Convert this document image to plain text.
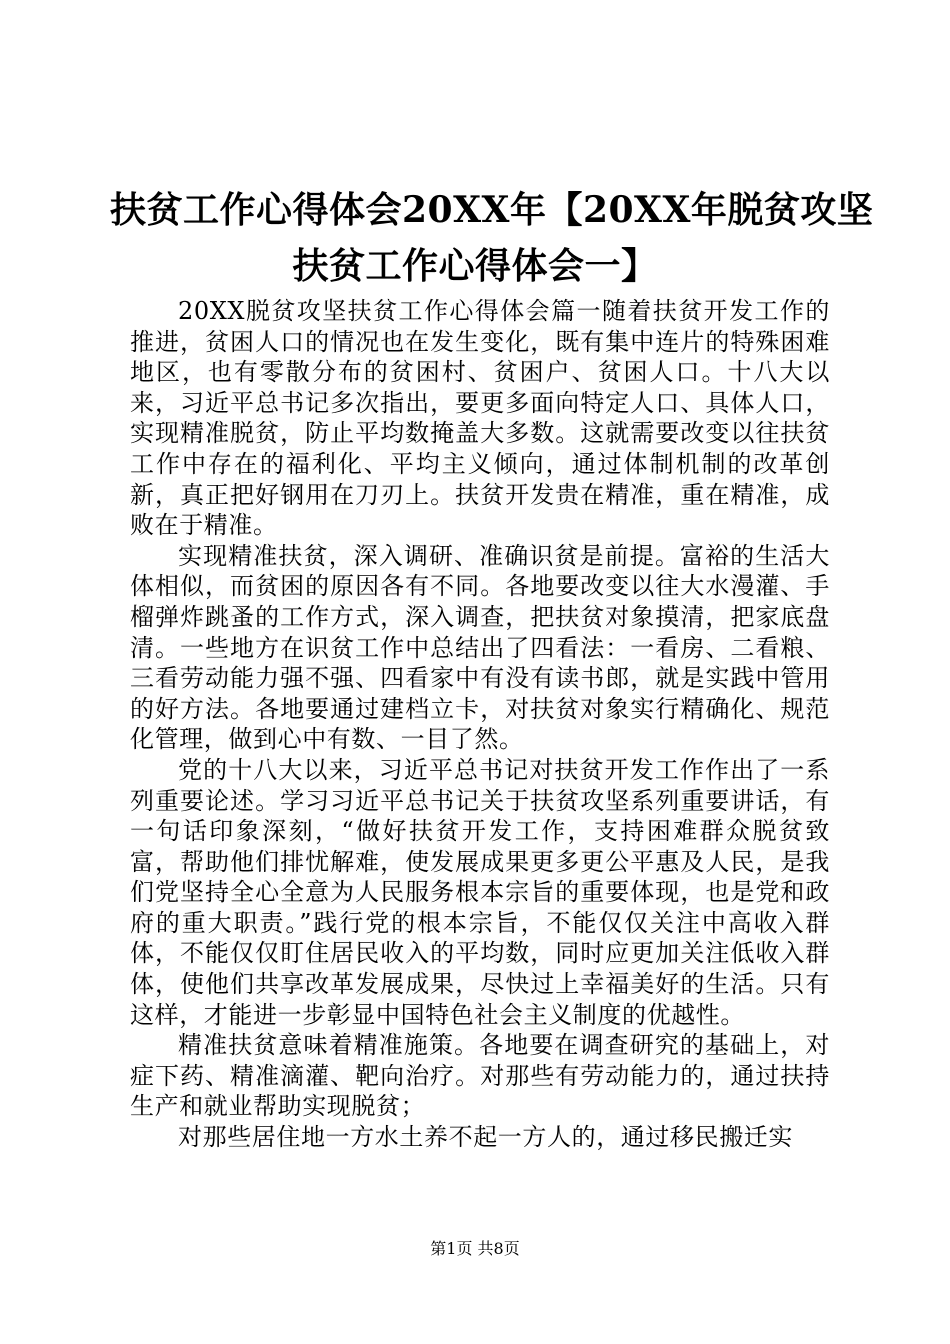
扶贫工作心得体会20XX年【20XX年脱贫攻坚
扶贫工作心得体会一】

20XX脱贫攻坚扶贫工作心得体会篇一随着扶贫开发工作的推进，贫困人口的情况也在发生变化，既有集中连片的特殊困难地区，也有零散分布的贫困村、贫困户、贫困人口。十八大以来，习近平总书记多次指出，要更多面向特定人口、具体人口，实现精准脱贫，防止平均数掩盖大多数。这就需要改变以往扶贫工作中存在的福利化、平均主义倾向，通过体制机制的改革创新，真正把好钢用在刀刃上。扶贫开发贵在精准，重在精准，成败在于精准。

实现精准扶贫，深入调研、准确识贫是前提。富裕的生活大体相似，而贫困的原因各有不同。各地要改变以往大水漫灌、手榴弹炸跳蚤的工作方式，深入调查，把扶贫对象摸清，把家底盘清。一些地方在识贫工作中总结出了四看法：一看房、二看粮、三看劳动能力强不强、四看家中有没有读书郎，就是实践中管用的好方法。各地要通过建档立卡，对扶贫对象实行精确化、规范化管理，做到心中有数、一目了然。

党的十八大以来，习近平总书记对扶贫开发工作作出了一系列重要论述。学习习近平总书记关于扶贫攻坚系列重要讲话，有一句话印象深刻，“做好扶贫开发工作，支持困难群众脱贫致富，帮助他们排忧解难，使发展成果更多更公平惠及人民，是我们党坚持全心全意为人民服务根本宗旨的重要体现，也是党和政府的重大职责。”践行党的根本宗旨，不能仅仅关注中高收入群体，不能仅仅盯住居民收入的平均数，同时应更加关注低收入群体，使他们共享改革发展成果，尽快过上幸福美好的生活。只有这样，才能进一步彰显中国特色社会主义制度的优越性。

精准扶贫意味着精准施策。各地要在调查研究的基础上，对症下药、精准滴灌、靶向治疗。对那些有劳动能力的，通过扶持生产和就业帮助实现脱贫；

对那些居住地一方水土养不起一方人的，通过移民搬迁实

第1页 共8页
